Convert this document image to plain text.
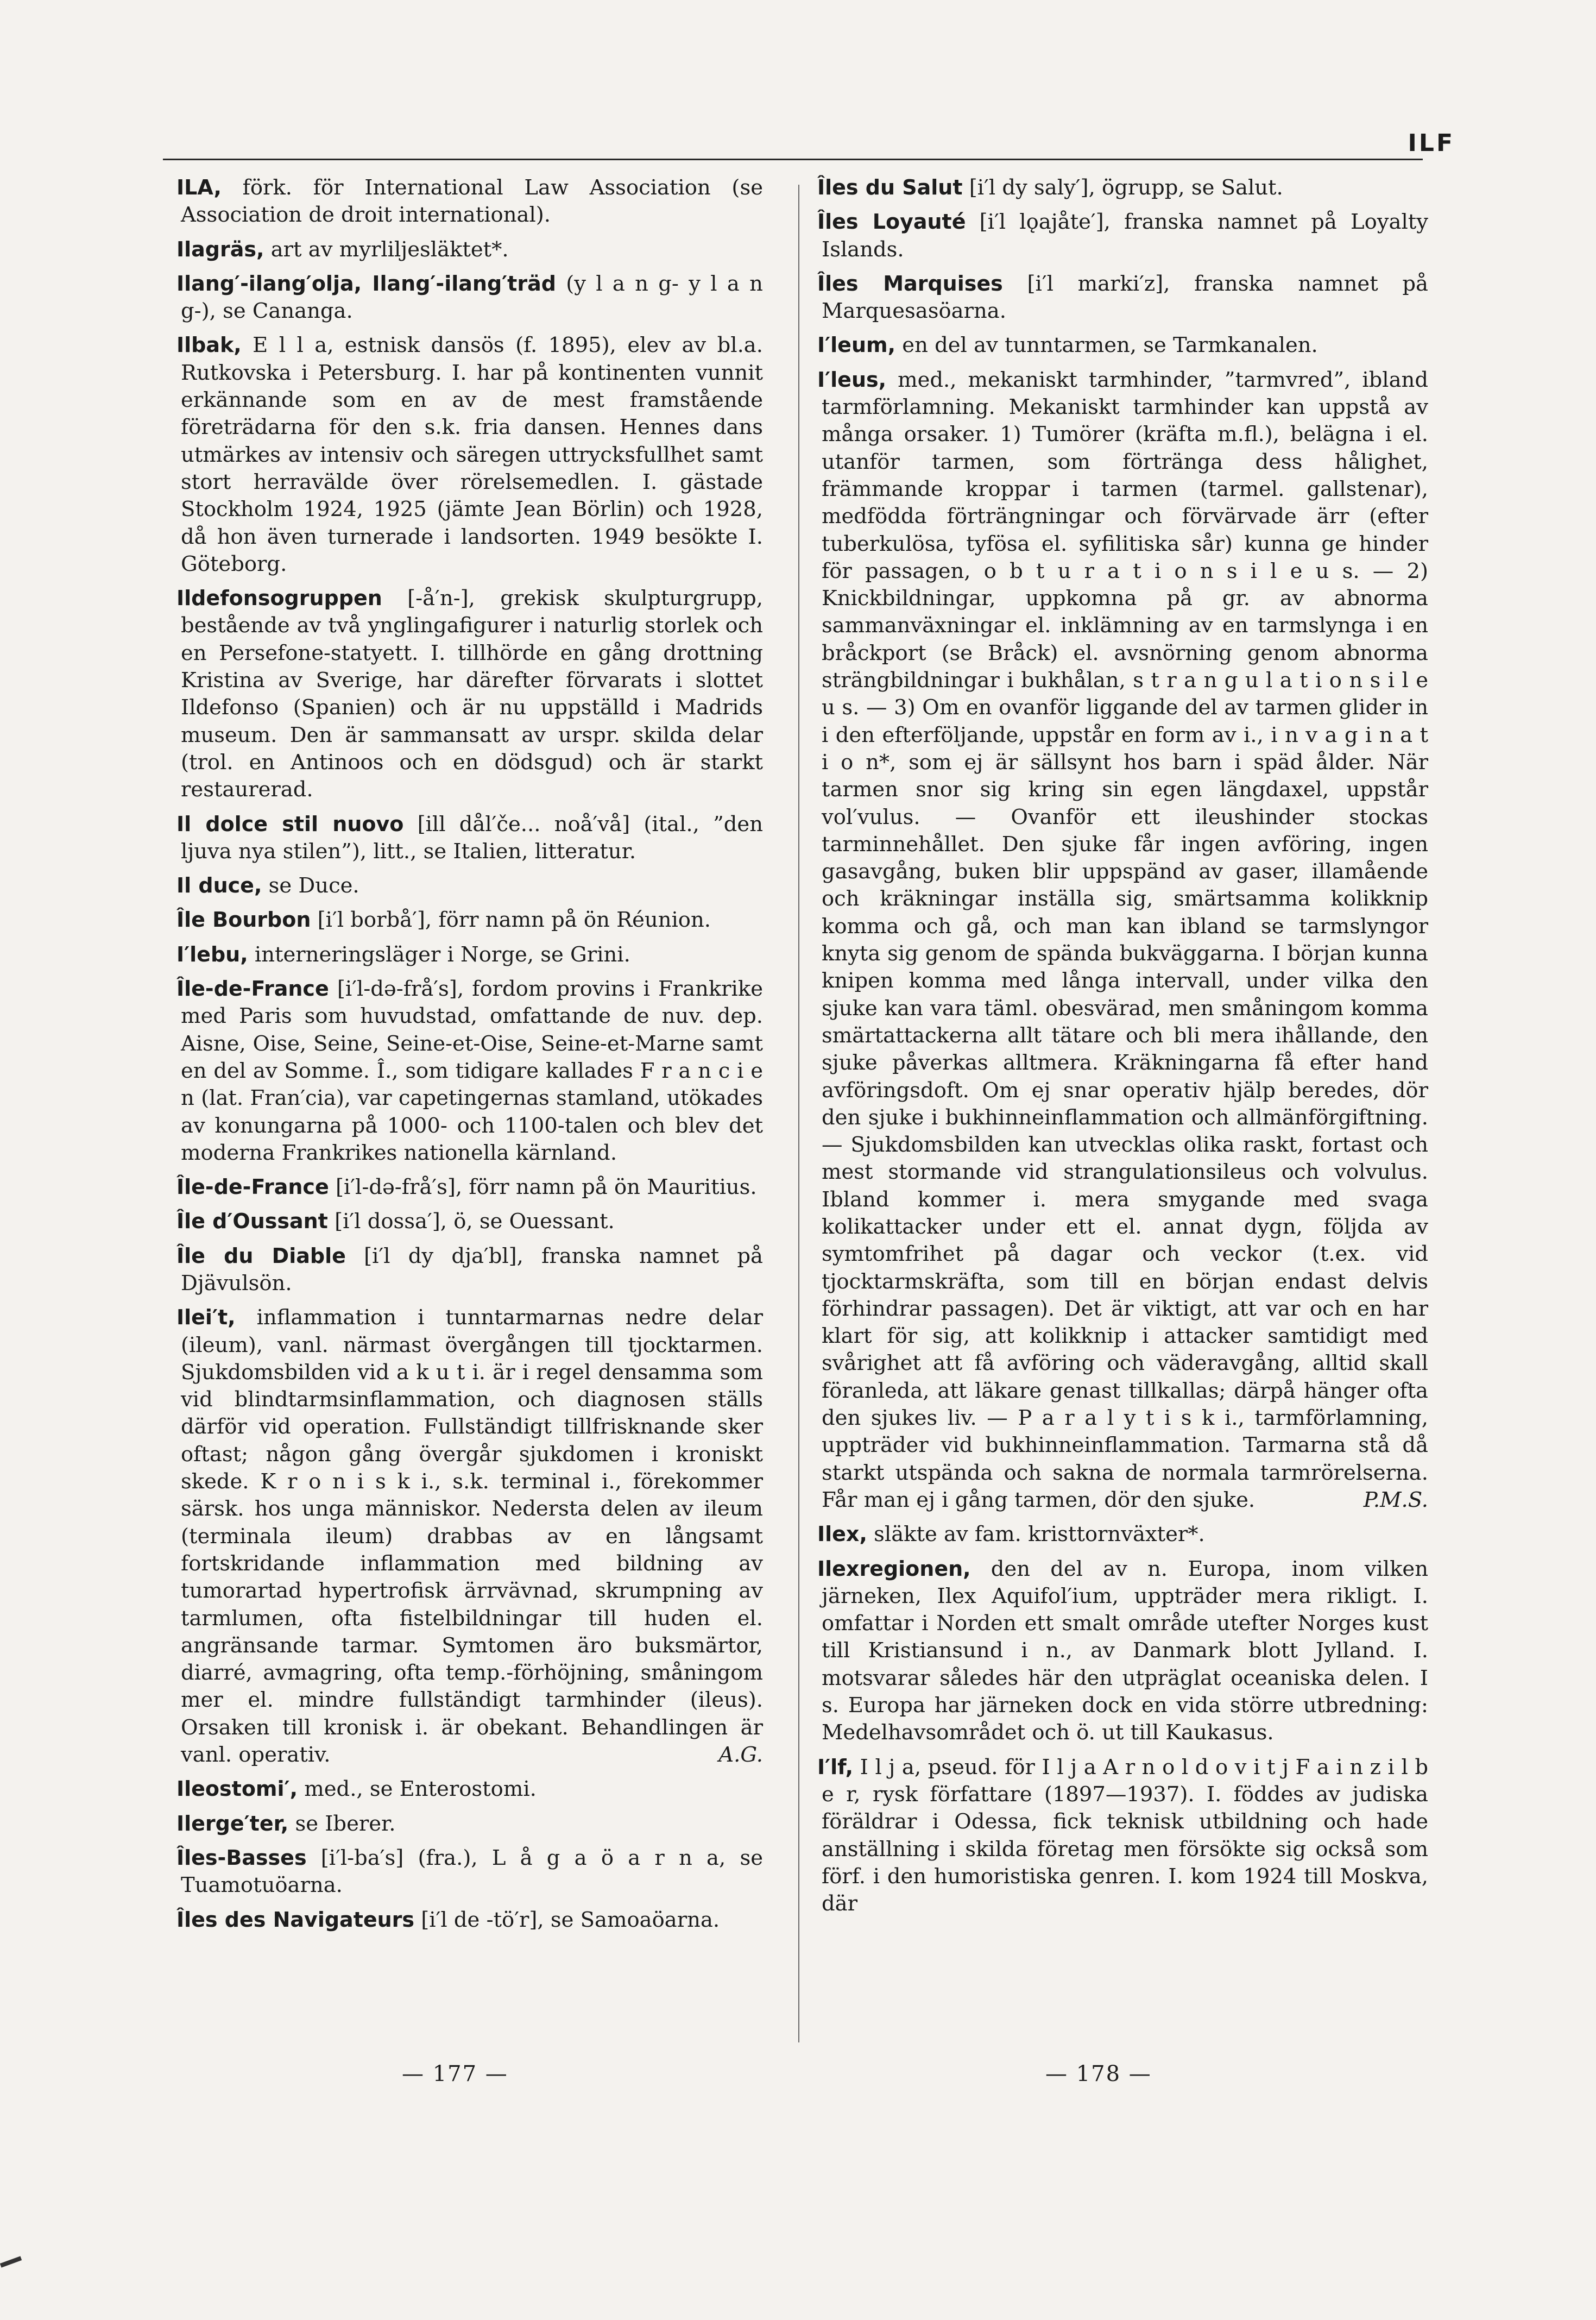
ILF

ILA, förk. för International Law Association (se Association de droit international).

Ilagräs, art av myrliljesläktet*.

Ilang′-ilang′olja, Ilang′-ilang′träd (y l a n g- y l a n g-), se Cananga.

Ilbak, E l l a, estnisk dansös (f. 1895), elev av bl.a. Rutkovska i Petersburg. I. har på kontinenten vunnit erkännande som en av de mest framstående företrädarna för den s.k. fria dansen. Hennes dans utmärkes av intensiv och säregen uttrycksfullhet samt stort herravälde över rörelsemedlen. I. gästade Stockholm 1924, 1925 (jämte Jean Börlin) och 1928, då hon även turnerade i landsorten. 1949 besökte I. Göteborg.

Ildefonsogruppen [-å′n-], grekisk skulpturgrupp, bestående av två ynglingafigurer i naturlig storlek och en Persefone-statyett. I. tillhörde en gång drottning Kristina av Sverige, har därefter förvarats i slottet Ildefonso (Spanien) och är nu uppställd i Madrids museum. Den är sammansatt av urspr. skilda delar (trol. en Antinoos och en dödsgud) och är starkt restaurerad.

Il dolce stil nuovo [ill dål′če... noå′vå] (ital., ”den ljuva nya stilen”), litt., se Italien, litteratur.

Il duce, se Duce.

Île Bourbon [i′l borbå′], förr namn på ön Réunion.

I′lebu, interneringsläger i Norge, se Grini.

Île-de-France [i′l-də-frå′s], fordom provins i Frankrike med Paris som huvudstad, omfattande de nuv. dep. Aisne, Oise, Seine, Seine-et-Oise, Seine-et-Marne samt en del av Somme. Î., som tidigare kallades F r a n c i e n (lat. Fran′cia), var capetingernas stamland, utökades av konungarna på 1000- och 1100-talen och blev det moderna Frankrikes nationella kärnland.

Île-de-France [i′l-də-frå′s], förr namn på ön Mauritius.

Île d′Oussant [i′l dossa′], ö, se Ouessant.

Île du Diable [i′l dy dja′bl], franska namnet på Djävulsön.

Ilei′t, inflammation i tunntarmarnas nedre delar (ileum), vanl. närmast övergången till tjocktarmen. Sjukdomsbilden vid a k u t i. är i regel densamma som vid blindtarmsinflammation, och diagnosen ställs därför vid operation. Fullständigt tillfrisknande sker oftast; någon gång övergår sjukdomen i kroniskt skede. K r o n i s k i., s.k. terminal i., förekommer särsk. hos unga människor. Nedersta delen av ileum (terminala ileum) drabbas av en långsamt fortskridande inflammation med bildning av tumorartad hypertrofisk ärrvävnad, skrumpning av tarmlumen, ofta fistelbildningar till huden el. angränsande tarmar. Symtomen äro buksmärtor, diarré, avmagring, ofta temp.-förhöjning, småningom mer el. mindre fullständigt tarmhinder (ileus). Orsaken till kronisk i. är obekant. Behandlingen är vanl. operativ.	A.G.

Ileostomi′, med., se Enterostomi.

Ilerge′ter, se Iberer.

Îles-Basses [i′l-ba′s] (fra.), L å g a ö a r n a, se Tuamotuöarna.

Îles des Navigateurs [i′l de -tö′r], se Samoaöarna.

Îles du Salut [i′l dy saly′], ögrupp, se Salut.

Îles Loyauté [i′l lǫajåte′], franska namnet på Loyalty Islands.

Îles Marquises [i′l marki′z], franska namnet på Marquesasöarna.

I′leum, en del av tunntarmen, se Tarmkanalen.

I′leus, med., mekaniskt tarmhinder, ”tarmvred”, ibland tarmförlamning. Mekaniskt tarmhinder kan uppstå av många orsaker. 1) Tumörer (kräfta m.fl.), belägna i el. utanför tarmen, som förtränga dess hålighet, främmande kroppar i tarmen (tarmel. gallstenar), medfödda förträngningar och förvärvade ärr (efter tuberkulösa, tyfösa el. syfilitiska sår) kunna ge hinder för passagen, o b t u r a t i o n s i l e u s. — 2) Knickbildningar, uppkomna på gr. av abnorma sammanväxningar el. inklämning av en tarmslynga i en bråckport (se Bråck) el. avsnörning genom abnorma strängbildningar i bukhålan, s t r a n g u l a t i o n s i l e u s. — 3) Om en ovanför liggande del av tarmen glider in i den efterföljande, uppstår en form av i., i n v a g i n a t i o n*, som ej är sällsynt hos barn i späd ålder. När tarmen snor sig kring sin egen längdaxel, uppstår vol′vulus. — Ovanför ett ileushinder stockas tarminnehållet. Den sjuke får ingen avföring, ingen gasavgång, buken blir uppspänd av gaser, illamående och kräkningar inställa sig, smärtsamma kolikknip komma och gå, och man kan ibland se tarmslyngor knyta sig genom de spända bukväggarna. I början kunna knipen komma med långa intervall, under vilka den sjuke kan vara täml. obesvärad, men småningom komma smärtattackerna allt tätare och bli mera ihållande, den sjuke påverkas alltmera. Kräkningarna få efter hand avföringsdoft. Om ej snar operativ hjälp beredes, dör den sjuke i bukhinneinflammation och allmänförgiftning. — Sjukdomsbilden kan utvecklas olika raskt, fortast och mest stormande vid strangulationsileus och volvulus. Ibland kommer i. mera smygande med svaga kolikattacker under ett el. annat dygn, följda av symtomfrihet på dagar och veckor (t.ex. vid tjocktarmskräfta, som till en början endast delvis förhindrar passagen). Det är viktigt, att var och en har klart för sig, att kolikknip i attacker samtidigt med svårighet att få avföring och väderavgång, alltid skall föranleda, att läkare genast tillkallas; därpå hänger ofta den sjukes liv. — P a r a l y t i s k i., tarmförlamning, uppträder vid bukhinneinflammation. Tarmarna stå då starkt utspända och sakna de normala tarmrörelserna. Får man ej i gång tarmen, dör den sjuke.	P.M.S.

Ilex, släkte av fam. kristtornväxter*.

Ilexregionen, den del av n. Europa, inom vilken järneken, Ilex Aquifol′ium, uppträder mera rikligt. I. omfattar i Norden ett smalt område utefter Norges kust till Kristiansund i n., av Danmark blott Jylland. I. motsvarar således här den utpräglat oceaniska delen. I s. Europa har järneken dock en vida större utbredning: Medelhavsområdet och ö. ut till Kaukasus.

I′lf, I l j a, pseud. för I l j a A r n o l d o v i t j F a i n z i l b e r, rysk författare (1897—1937). I. föddes av judiska föräldrar i Odessa, fick teknisk utbildning och hade anställning i skilda företag men försökte sig också som förf. i den humoristiska genren. I. kom 1924 till Moskva, där

— 177 —	— 178 —
